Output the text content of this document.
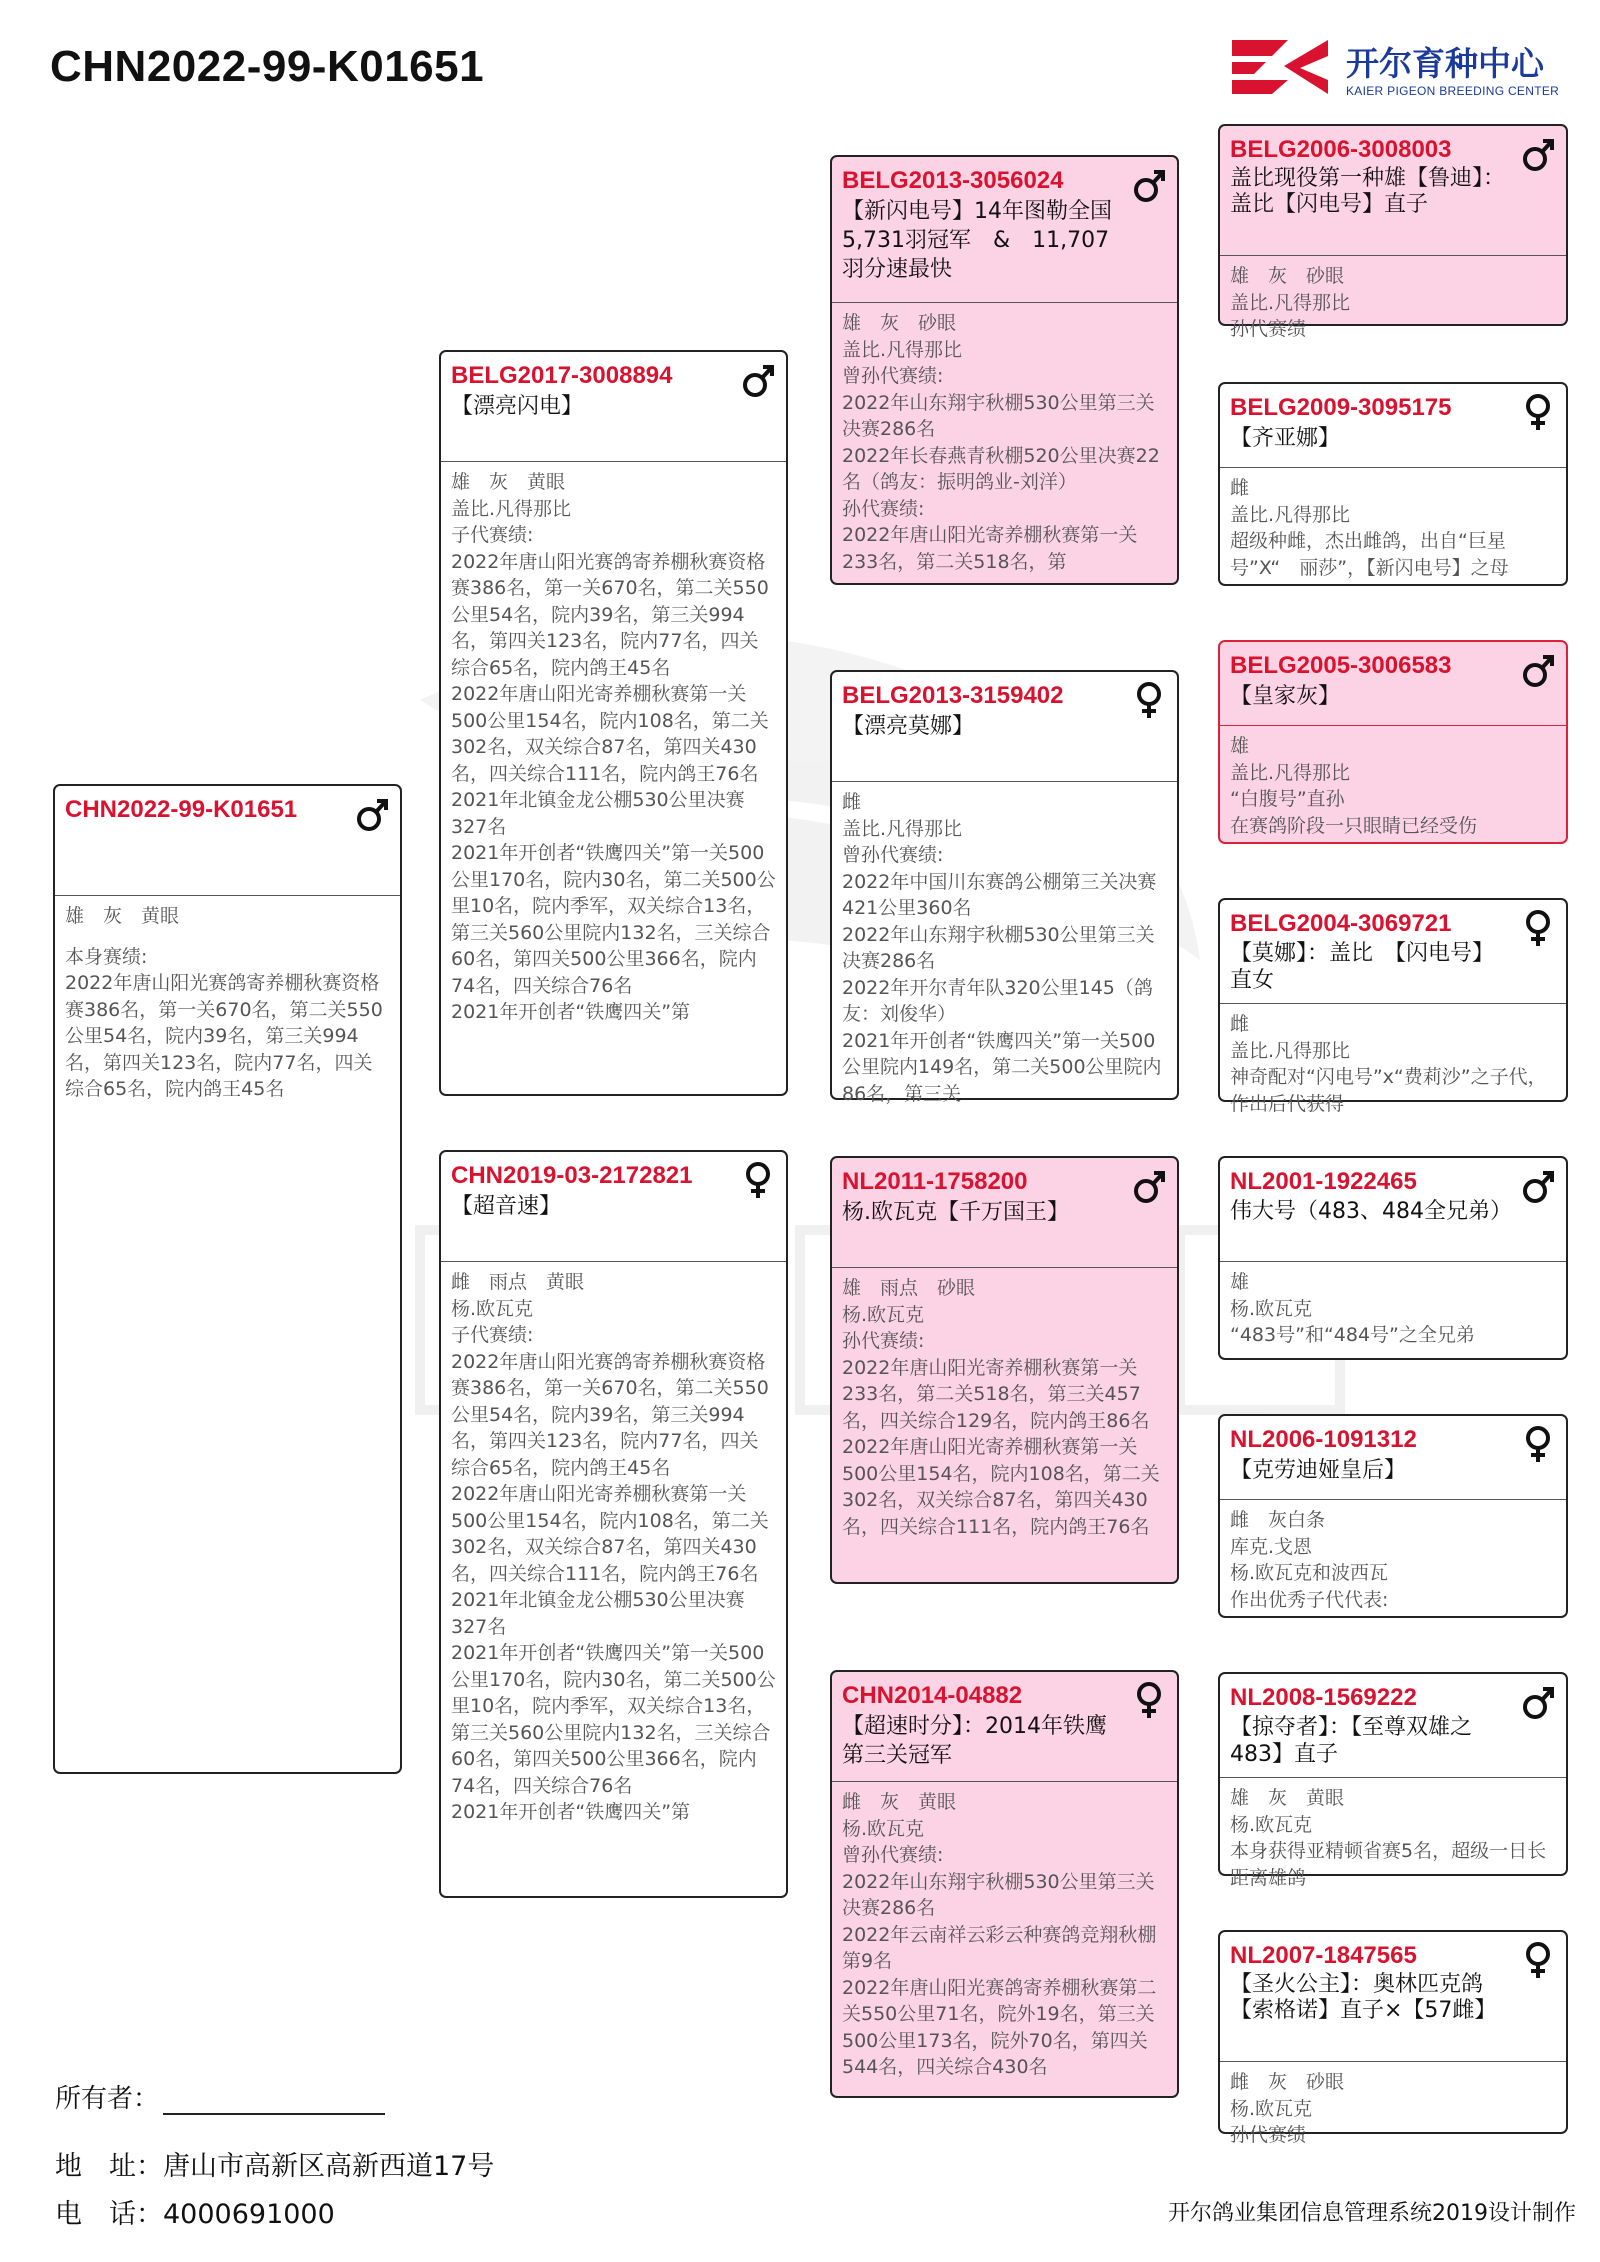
CHN2022-99-K01651	开尔育种中心
KAIER PIGEON BREEDING CENTER
CHN2022-99-K01651
雄　灰　黄眼
本身赛绩:
2022年唐山阳光赛鸽寄养棚秋赛资格赛386名，第一关670名，第二关550公里54名，院内39名，第三关994名，第四关123名，院内77名，四关综合65名，院内鸽王45名
BELG2017-3008894
【漂亮闪电】
雄　灰　黄眼
盖比.凡得那比
子代赛绩:
2022年唐山阳光赛鸽寄养棚秋赛资格赛386名，第一关670名，第二关550公里54名，院内39名，第三关994名，第四关123名，院内77名，四关综合65名，院内鸽王45名
2022年唐山阳光寄养棚秋赛第一关500公里154名，院内108名，第二关302名，双关综合87名，第四关430名，四关综合111名，院内鸽王76名
2021年北镇金龙公棚530公里决赛327名
2021年开创者“铁鹰四关”第一关500公里170名，院内30名，第二关500公里10名，院内季军，双关综合13名，第三关560公里院内132名，三关综合60名，第四关500公里366名，院内74名，四关综合76名
2021年开创者“铁鹰四关”第
CHN2019-03-2172821
【超音速】
雌　雨点　黄眼
杨.欧瓦克
子代赛绩:
2022年唐山阳光赛鸽寄养棚秋赛资格赛386名，第一关670名，第二关550公里54名，院内39名，第三关994名，第四关123名，院内77名，四关综合65名，院内鸽王45名
2022年唐山阳光寄养棚秋赛第一关500公里154名，院内108名，第二关302名，双关综合87名，第四关430名，四关综合111名，院内鸽王76名
2021年北镇金龙公棚530公里决赛327名
2021年开创者“铁鹰四关”第一关500公里170名，院内30名，第二关500公里10名，院内季军，双关综合13名，第三关560公里院内132名，三关综合60名，第四关500公里366名，院内74名，四关综合76名
2021年开创者“铁鹰四关”第
BELG2013-3056024
【新闪电号】14年图勒全国5,731羽冠军　&　11,707羽分速最快
雄　灰　砂眼
盖比.凡得那比
曾孙代赛绩:
2022年山东翔宇秋棚530公里第三关决赛286名
2022年长春燕青秋棚520公里决赛22名（鸽友：振明鸽业-刘洋）
孙代赛绩:
2022年唐山阳光寄养棚秋赛第一关233名，第二关518名，第
BELG2013-3159402
【漂亮莫娜】
雌
盖比.凡得那比
曾孙代赛绩:
2022年中国川东赛鸽公棚第三关决赛421公里360名
2022年山东翔宇秋棚530公里第三关决赛286名
2022年开尔青年队320公里145（鸽友：刘俊华）
2021年开创者“铁鹰四关”第一关500公里院内149名，第二关500公里院内86名，第三关
NL2011-1758200
杨.欧瓦克【千万国王】
雄　雨点　砂眼
杨.欧瓦克
孙代赛绩:
2022年唐山阳光寄养棚秋赛第一关233名，第二关518名，第三关457名，四关综合129名，院内鸽王86名
2022年唐山阳光寄养棚秋赛第一关500公里154名，院内108名，第二关302名，双关综合87名，第四关430名，四关综合111名，院内鸽王76名
CHN2014-04882
【超速时分】：2014年铁鹰第三关冠军
雌　灰　黄眼
杨.欧瓦克
曾孙代赛绩:
2022年山东翔宇秋棚530公里第三关决赛286名
2022年云南祥云彩云种赛鸽竞翔秋棚第9名
2022年唐山阳光赛鸽寄养棚秋赛第二关550公里71名，院外19名，第三关500公里173名，院外70名，第四关544名，四关综合430名
BELG2006-3008003
盖比现役第一种雄【鲁迪】：　盖比【闪电号】直子
雄　灰　砂眼
盖比.凡得那比
孙代赛绩
BELG2009-3095175
【齐亚娜】
雌
盖比.凡得那比
超级种雌，杰出雌鸽，出自“巨星号”X“　丽莎”，【新闪电号】之母
BELG2005-3006583
【皇家灰】
雄
盖比.凡得那比
“白腹号”直孙
在赛鸽阶段一只眼睛已经受伤
BELG2004-3069721
【莫娜】：盖比　【闪电号】直女
雌
盖比.凡得那比
神奇配对“闪电号”x“费莉沙”之子代，作出后代获得
NL2001-1922465
伟大号（483、484全兄弟）
雄
杨.欧瓦克
“483号”和“484号”之全兄弟
NL2006-1091312
【克劳迪娅皇后】
雌　灰白条
库克.戈恩
杨.欧瓦克和波西瓦
作出优秀子代代表:
NL2008-1569222
【掠夺者】：【至尊双雄之483】直子
雄　灰　黄眼
杨.欧瓦克
本身获得亚精顿省赛5名，超级一日长距离雄鸽
NL2007-1847565
【圣火公主】：奥林匹克鸽【索格诺】直子×【57雌】
雌　灰　砂眼
杨.欧瓦克
孙代赛绩
所有者：
地　址：唐山市高新区高新西道17号
电　话：4000691000	开尔鸽业集团信息管理系统2019设计制作
